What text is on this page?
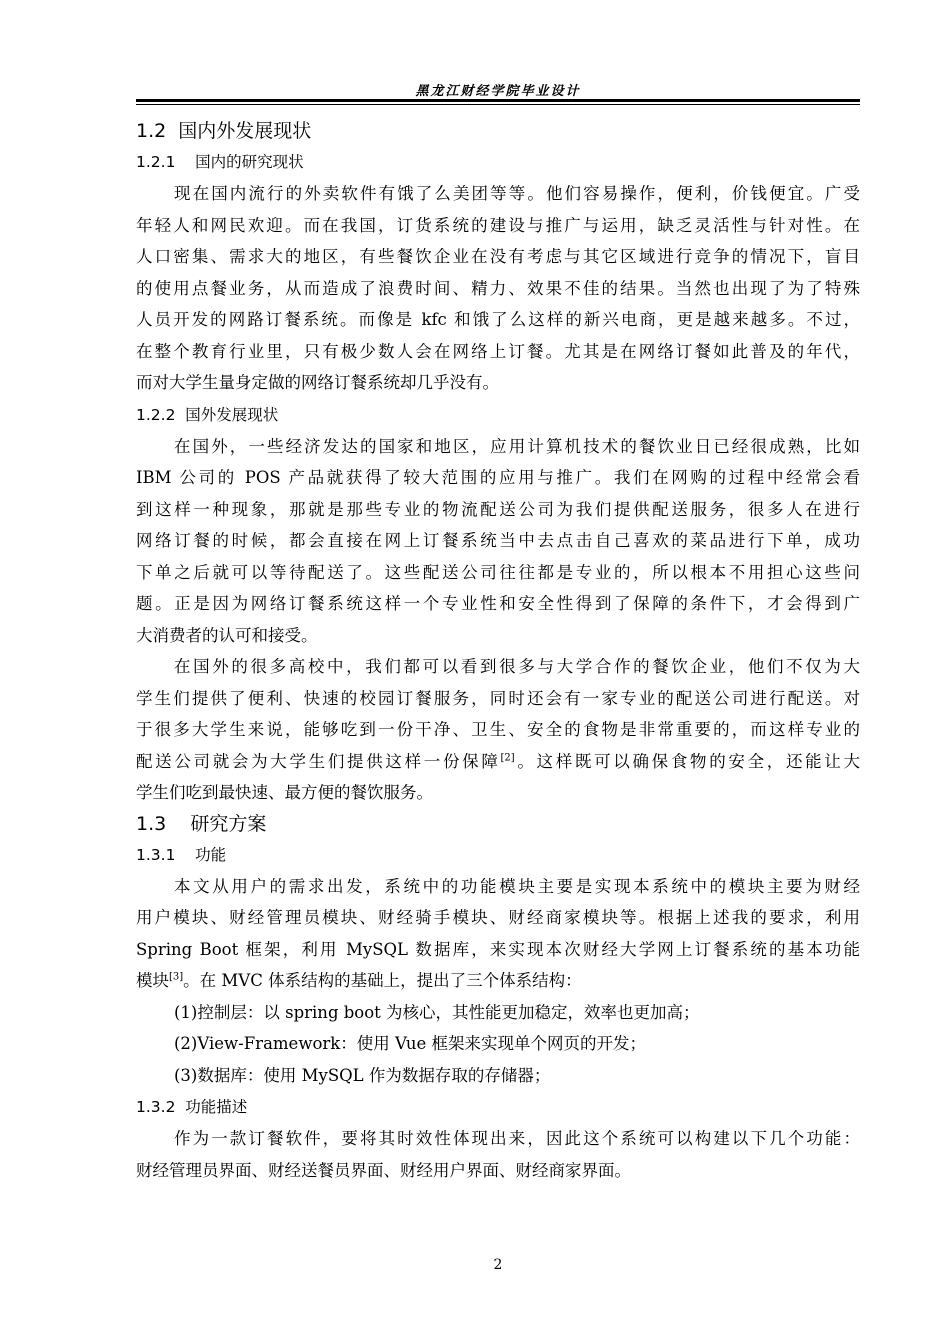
黑龙江财经学院毕业设计
1.2  国内外发展现状
1.2.1    国内的研究现状
现在国内流行的外卖软件有饿了么美团等等。他们容易操作，便利，价钱便宜。广受
年轻人和网民欢迎。而在我国，订货系统的建设与推广与运用，缺乏灵活性与针对性。在
人口密集、需求大的地区，有些餐饮企业在没有考虑与其它区域进行竞争的情况下，盲目
的使用点餐业务，从而造成了浪费时间、精力、效果不佳的结果。当然也出现了为了特殊
人员开发的网路订餐系统。而像是 kfc 和饿了么这样的新兴电商，更是越来越多。不过，
在整个教育行业里，只有极少数人会在网络上订餐。尤其是在网络订餐如此普及的年代，
而对大学生量身定做的网络订餐系统却几乎没有。
1.2.2  国外发展现状
在国外，一些经济发达的国家和地区，应用计算机技术的餐饮业日已经很成熟，比如
IBM 公司的 POS 产品就获得了较大范围的应用与推广。我们在网购的过程中经常会看
到这样一种现象，那就是那些专业的物流配送公司为我们提供配送服务，很多人在进行
网络订餐的时候，都会直接在网上订餐系统当中去点击自己喜欢的菜品进行下单，成功
下单之后就可以等待配送了。这些配送公司往往都是专业的，所以根本不用担心这些问
题。正是因为网络订餐系统这样一个专业性和安全性得到了保障的条件下，才会得到广
大消费者的认可和接受。
在国外的很多高校中，我们都可以看到很多与大学合作的餐饮企业，他们不仅为大
学生们提供了便利、快速的校园订餐服务，同时还会有一家专业的配送公司进行配送。对
于很多大学生来说，能够吃到一份干净、卫生、安全的食物是非常重要的，而这样专业的
配送公司就会为大学生们提供这样一份保障[2]。这样既可以确保食物的安全，还能让大
学生们吃到最快速、最方便的餐饮服务。
1.3    研究方案
1.3.1    功能
本文从用户的需求出发，系统中的功能模块主要是实现本系统中的模块主要为财经
用户模块、财经管理员模块、财经骑手模块、财经商家模块等。根据上述我的要求，利用
Spring Boot 框架，利用 MySQL 数据库，来实现本次财经大学网上订餐系统的基本功能
模块[3]。在 MVC 体系结构的基础上，提出了三个体系结构：
(1)控制层：以 spring boot 为核心，其性能更加稳定，效率也更加高；
(2)View-Framework：使用 Vue 框架来实现单个网页的开发；
(3)数据库：使用 MySQL 作为数据存取的存储器；
1.3.2  功能描述
作为一款订餐软件，要将其时效性体现出来，因此这个系统可以构建以下几个功能：
财经管理员界面、财经送餐员界面、财经用户界面、财经商家界面。
2
